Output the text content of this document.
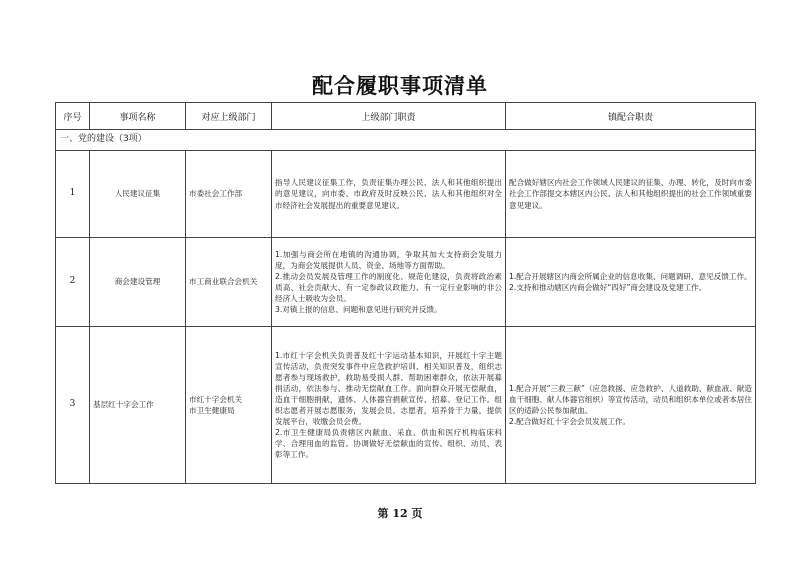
配合履职事项清单
序号	事项名称	对应上级部门	上级部门职责	镇配合职责
一、党的建设（3项）				
1	人民建议征集	市委社会工作部	指导人民建议征集工作，负责征集办理公民、法人和其他组织提出的意见建议，向市委、市政府及时反映公民、法人和其他组织对全市经济社会发展提出的重要意见建议。	配合做好辖区内社会工作领域人民建议的征集、办理、转化，及时向市委社会工作部提交本辖区内公民、法人和其他组织提出的社会工作领域重要意见建议。

2	商会建设管理	市工商业联合会机关	1.加强与商会所在地镇的沟通协调，争取其加大支持商会发展力度，为商会发展提供人员、资金、场地等方面帮助。
2.推动会员发展及管理工作的制度化、规范化建设，负责将政治素质高、社会贡献大、有一定参政议政能力、有一定行业影响的非公经济人士吸收为会员。
3.对镇上报的信息、问题和意见进行研究并反馈。	1.配合开展辖区内商会所属企业的信息收集、问题调研、意见反馈工作。
2.支持和推动辖区内商会做好“四好”商会建设及党建工作。

3	基层红十字会工作	市红十字会机关
市卫生健康局	1.市红十字会机关负责普及红十字运动基本知识，开展红十字主题宣传活动，负责突发事件中应急救护培训、相关知识普及，组织志愿者参与现场救护，救助易受损人群、帮助困难群众，依法开展募捐活动，依法参与、推动无偿献血工作。面向群众开展无偿献血，造血干细胞捐献，遗体、人体器官捐献宣传、招募、登记工作。组织志愿者开展志愿服务，发展会员、志愿者，培养骨干力量，提供发展平台，收缴会员会费。
2.市卫生健康局负责辖区内献血、采血、供血和医疗机构临床科学、合理用血的监管。协调做好无偿献血的宣传、组织、动员、表彰等工作。	1.配合开展“三救三献”（应急救援、应急救护、人道救助、献血液、献造血干细胞、献人体器官组织）等宣传活动，动员和组织本单位或者本居住区的适龄公民参加献血。
2.配合做好红十字会会员发展工作。
第 12 页
